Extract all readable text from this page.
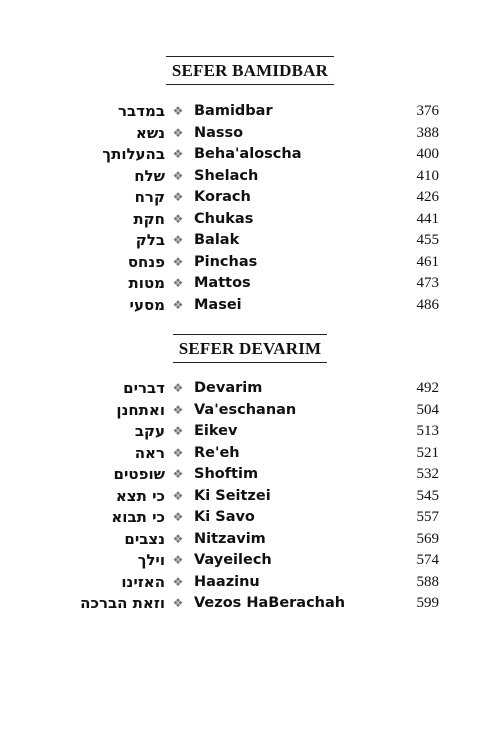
SEFER BAMIDBAR
במדבר ❖ Bamidbar	376
נשא ❖ Nasso	388
בהעלותך ❖ Beha'aloscha	400
שלח ❖ Shelach	410
קרח ❖ Korach	426
חקת ❖ Chukas	441
בלק ❖ Balak	455
פנחס ❖ Pinchas	461
מטות ❖ Mattos	473
מסעי ❖ Masei	486
SEFER DEVARIM
דברים ❖ Devarim	492
ואתחנן ❖ Va'eschanan	504
עקב ❖ Eikev	513
ראה ❖ Re'eh	521
שופטים ❖ Shoftim	532
כי תצא ❖ Ki Seitzei	545
כי תבוא ❖ Ki Savo	557
נצבים ❖ Nitzavim	569
וילך ❖ Vayeilech	574
האזינו ❖ Haazinu	588
וזאת הברכה ❖ Vezos HaBerachah	599
